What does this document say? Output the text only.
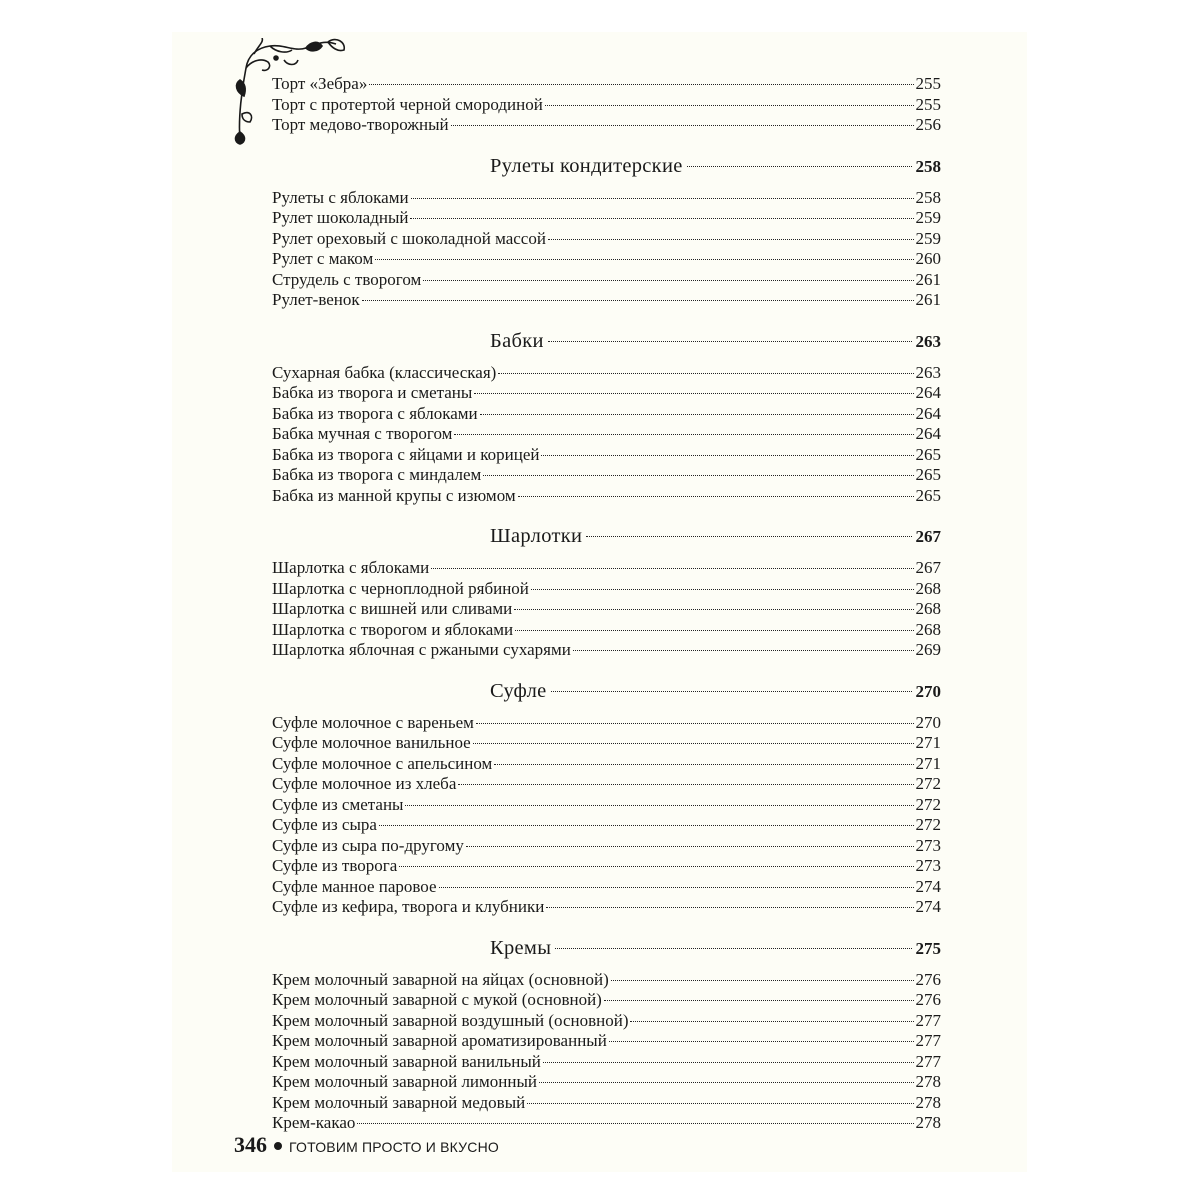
Торт «Зебра»	255
Торт с протертой черной смородиной	255
Торт медово-творожный	256
Рулеты кондитерские	258
Рулеты с яблоками	258
Рулет шоколадный	259
Рулет ореховый с шоколадной массой	259
Рулет с маком	260
Струдель с творогом	261
Рулет-венок	261
Бабки	263
Сухарная бабка (классическая)	263
Бабка из творога и сметаны	264
Бабка из творога с яблоками	264
Бабка мучная с творогом	264
Бабка из творога с яйцами и корицей	265
Бабка из творога с миндалем	265
Бабка из манной крупы с изюмом	265
Шарлотки	267
Шарлотка с яблоками	267
Шарлотка с черноплодной рябиной	268
Шарлотка с вишней или сливами	268
Шарлотка с творогом и яблоками	268
Шарлотка яблочная с ржаными сухарями	269
Суфле	270
Суфле молочное с вареньем	270
Суфле молочное ванильное	271
Суфле молочное с апельсином	271
Суфле молочное из хлеба	272
Суфле из сметаны	272
Суфле из сыра	272
Суфле из сыра по-другому	273
Суфле из творога	273
Суфле манное паровое	274
Суфле из кефира, творога и клубники	274
Кремы	275
Крем молочный заварной на яйцах (основной)	276
Крем молочный заварной с мукой (основной)	276
Крем молочный заварной воздушный (основной)	277
Крем молочный заварной ароматизированный	277
Крем молочный заварной ванильный	277
Крем молочный заварной лимонный	278
Крем молочный заварной медовый	278
Крем-какао	278
346 ГОТОВИМ ПРОСТО И ВКУСНО
